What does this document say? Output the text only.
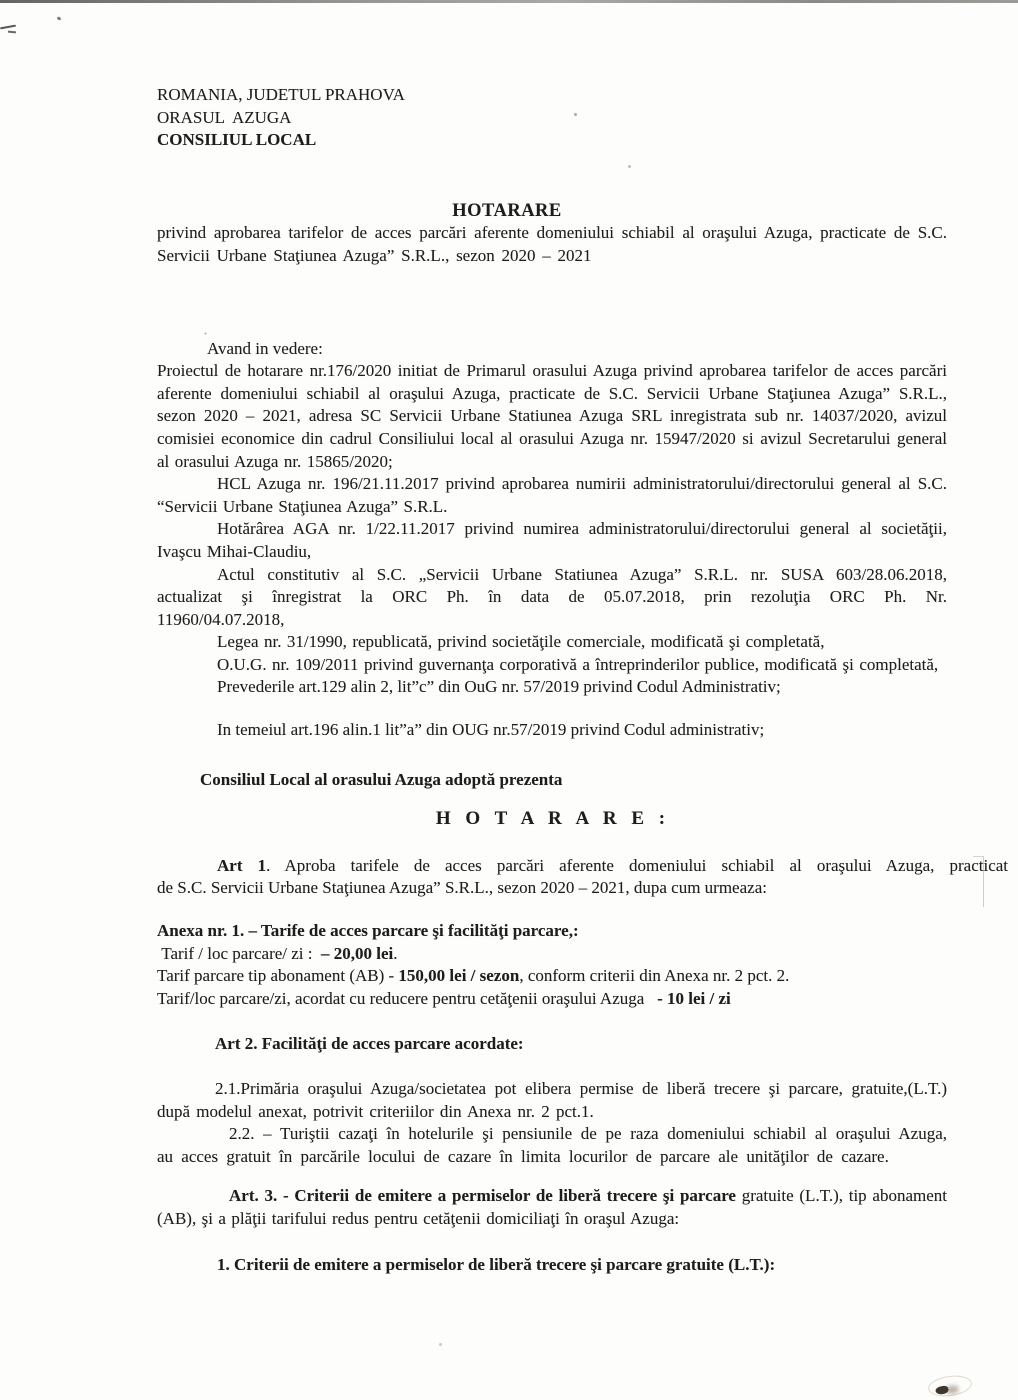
ROMANIA, JUDETUL PRAHOVA
ORASUL  AZUGA
CONSILIUL LOCAL
HOTARARE

privind aprobarea tarifelor de acces parcări aferente domeniului schiabil al oraşului Azuga, practicate de S.C. Servicii Urbane Staţiunea Azuga” S.R.L., sezon 2020 – 2021

Avand in vedere:

Proiectul de hotarare nr.176/2020 initiat de Primarul orasului Azuga privind aprobarea tarifelor de acces parcări aferente domeniului schiabil al oraşului Azuga, practicate de S.C. Servicii Urbane Staţiunea Azuga” S.R.L., sezon 2020 – 2021, adresa SC Servicii Urbane Statiunea Azuga SRL inregistrata sub nr. 14037/2020, avizul comisiei economice din cadrul Consiliului local al orasului Azuga nr. 15947/2020 si avizul Secretarului general al orasului Azuga nr. 15865/2020;

HCL Azuga nr. 196/21.11.2017 privind aprobarea numirii administratorului/directorului general al S.C. “Servicii Urbane Staţiunea Azuga” S.R.L.

Hotărârea AGA nr. 1/22.11.2017 privind numirea administratorului/directorului general al societăţii, Ivaşcu Mihai-Claudiu,

Actul constitutiv al S.C. „Servicii Urbane Statiunea Azuga” S.R.L. nr. SUSA 603/28.06.2018, actualizat şi înregistrat la ORC Ph. în data de 05.07.2018, prin rezoluţia ORC Ph. Nr. 11960/04.07.2018,

Legea nr. 31/1990, republicată, privind societăţile comerciale, modificată şi completată,

O.U.G. nr. 109/2011 privind guvernanţa corporativă a întreprinderilor publice, modificată şi completată,

Prevederile art.129 alin 2, lit”c” din OuG nr. 57/2019 privind Codul Administrativ;

In temeiul art.196 alin.1 lit”a” din OUG nr.57/2019 privind Codul administrativ;

Consiliul Local al orasului Azuga adoptă prezenta

H O T A R A R E :
Art 1. Aproba tarifele de acces parcări aferente domeniului schiabil al oraşului Azuga, practicat
de S.C. Servicii Urbane Staţiunea Azuga” S.R.L., sezon 2020 – 2021, dupa cum urmeaza:
Anexa nr. 1. – Tarife de acces parcare şi facilităţi parcare,:
Tarif / loc parcare/ zi :  – 20,00 lei.
Tarif parcare tip abonament (AB) - 150,00 lei / sezon, conform criterii din Anexa nr. 2 pct. 2.
Tarif/loc parcare/zi, acordat cu reducere pentru cetăţenii oraşului Azuga   - 10 lei / zi

Art 2. Facilităţi de acces parcare acordate:

2.1.Primăria oraşului Azuga/societatea pot elibera permise de liberă trecere şi parcare, gratuite,(L.T.) după modelul anexat, potrivit criteriilor din Anexa nr. 2 pct.1.

2.2. – Turiştii cazaţi în hotelurile şi pensiunile de pe raza domeniului schiabil al oraşului Azuga, au acces gratuit în parcările locului de cazare în limita locurilor de parcare ale unităţilor de cazare.

Art. 3. - Criterii de emitere a permiselor de liberă trecere şi parcare gratuite (L.T.), tip abonament (AB), şi a plăţii tarifului redus pentru cetăţenii domiciliaţi în oraşul Azuga:

1. Criterii de emitere a permiselor de liberă trecere şi parcare gratuite (L.T.):
